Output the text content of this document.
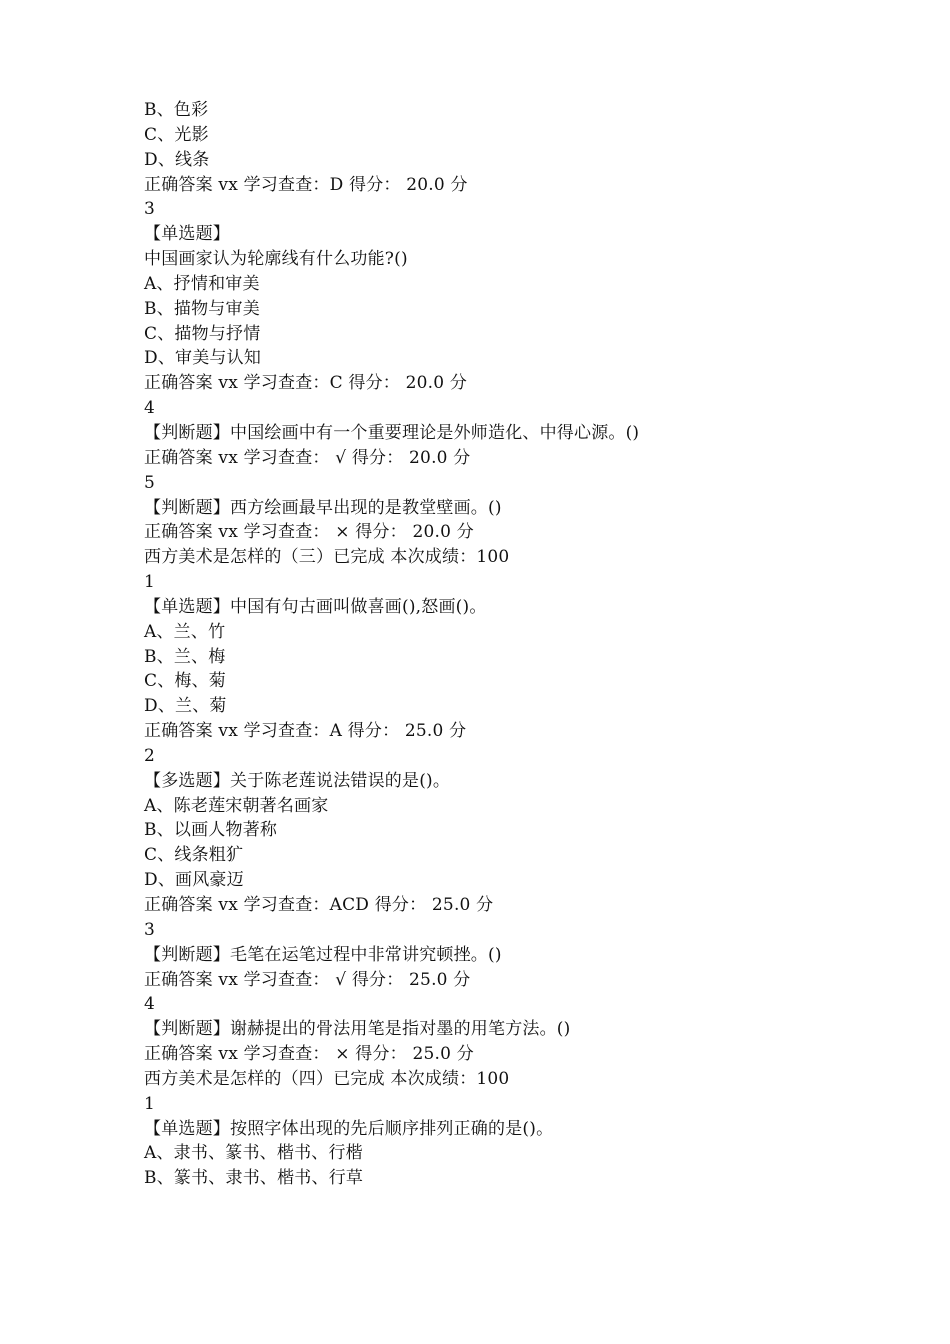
B、色彩
C、光影
D、线条
正确答案 vx 学习查查：D 得分： 20.0 分
3
【单选题】
中国画家认为轮廓线有什么功能?()
A、抒情和审美
B、描物与审美
C、描物与抒情
D、审美与认知
正确答案 vx 学习查查：C 得分： 20.0 分
4
【判断题】中国绘画中有一个重要理论是外师造化、中得心源。()
正确答案 vx 学习查查： √ 得分： 20.0 分
5
【判断题】西方绘画最早出现的是教堂壁画。()
正确答案 vx 学习查查： × 得分： 20.0 分
西方美术是怎样的（三）已完成 本次成绩：100
1
【单选题】中国有句古画叫做喜画(),怒画()。
A、兰、竹
B、兰、梅
C、梅、菊
D、兰、菊
正确答案 vx 学习查查：A 得分： 25.0 分
2
【多选题】关于陈老莲说法错误的是()。
A、陈老莲宋朝著名画家
B、以画人物著称
C、线条粗犷
D、画风豪迈
正确答案 vx 学习查查：ACD 得分： 25.0 分
3
【判断题】毛笔在运笔过程中非常讲究顿挫。()
正确答案 vx 学习查查： √ 得分： 25.0 分
4
【判断题】谢赫提出的骨法用笔是指对墨的用笔方法。()
正确答案 vx 学习查查： × 得分： 25.0 分
西方美术是怎样的（四）已完成 本次成绩：100
1
【单选题】按照字体出现的先后顺序排列正确的是()。
A、隶书、篆书、楷书、行楷
B、篆书、隶书、楷书、行草
